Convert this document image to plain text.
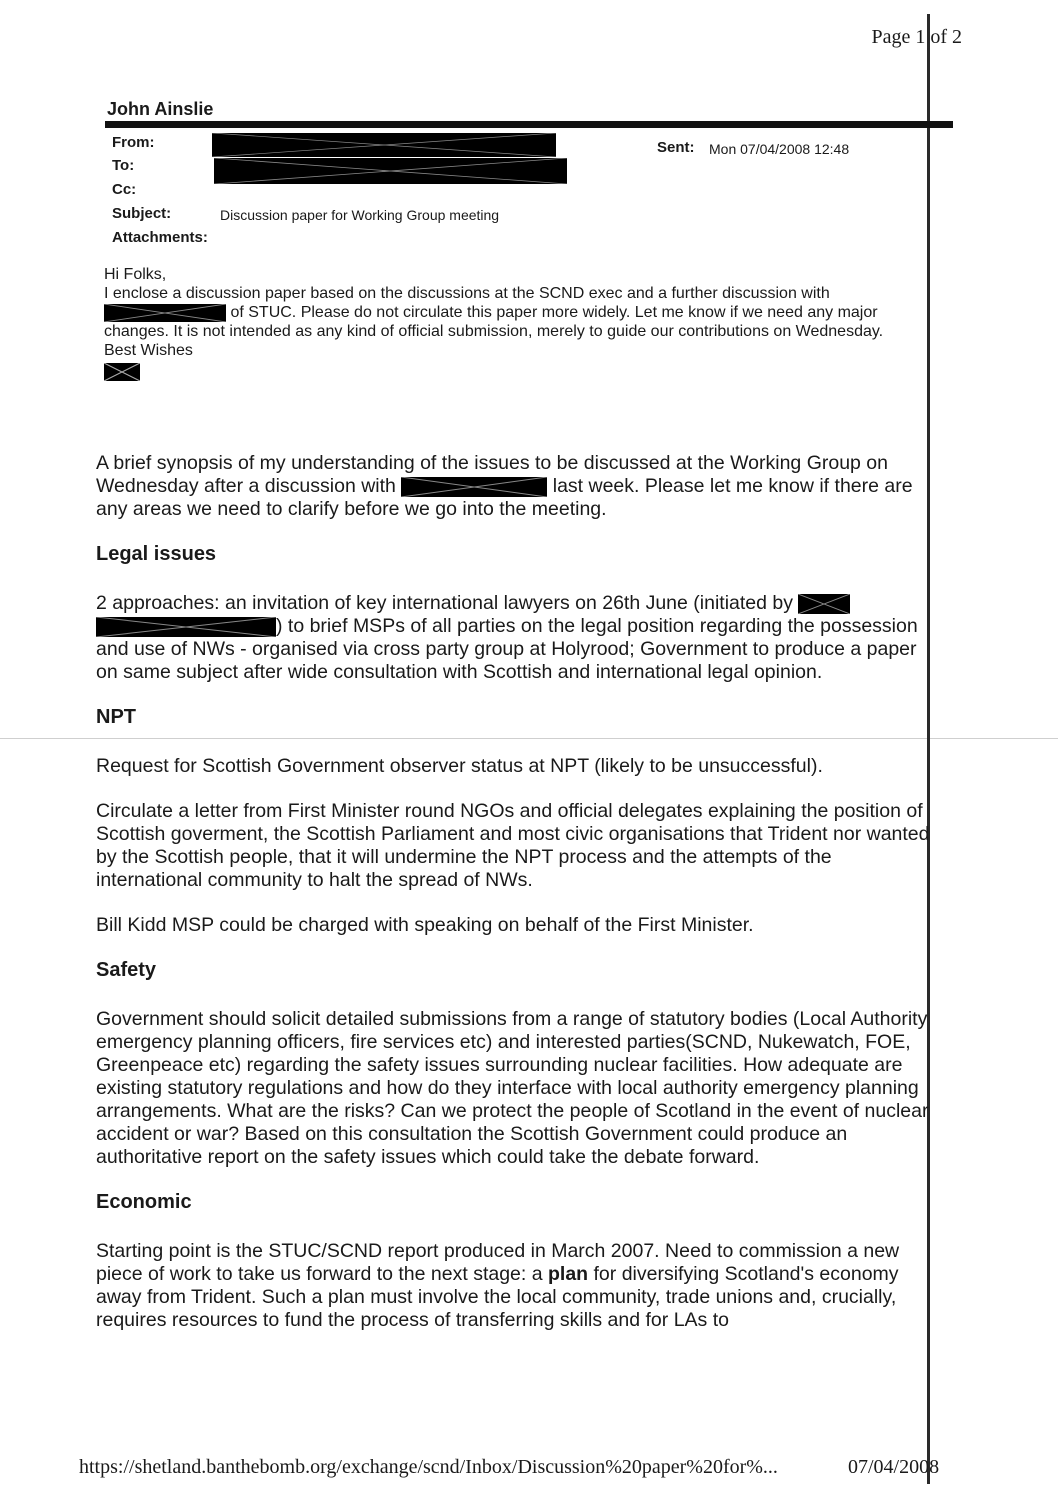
Page 1 of 2
John Ainslie
From:
To:
Cc:
Subject:
Attachments:
Discussion paper for Working Group meeting
Sent: Mon 07/04/2008 12:48

Hi Folks,

I enclose a discussion paper based on the discussions at the SCND exec and a further discussion with
of STUC. Please do not circulate this paper more widely. Let me know if we need any major changes. It is not intended as any kind of official submission, merely to guide our contributions on Wednesday.

Best Wishes

A brief synopsis of my understanding of the issues to be discussed at the Working Group on Wednesday after a discussion with	last week. Please let me know if there are any areas we need to clarify before we go into the meeting.

Legal issues

2 approaches: an invitation of key international lawyers on 26th June (initiated by

) to brief MSPs of all parties on the legal position regarding the possession and use of NWs - organised via cross party group at Holyrood; Government to produce a paper on same subject after wide consultation with Scottish and international legal opinion.

NPT

Request for Scottish Government observer status at NPT (likely to be unsuccessful).

Circulate a letter from First Minister round NGOs and official delegates explaining the position of Scottish goverment, the Scottish Parliament and most civic organisations that Trident nor wanted by the Scottish people, that it will undermine the NPT process and the attempts of the international community to halt the spread of NWs.

Bill Kidd MSP could be charged with speaking on behalf of the First Minister.

Safety

Government should solicit detailed submissions from a range of statutory bodies (Local Authority emergency planning officers, fire services etc) and interested parties(SCND, Nukewatch, FOE, Greenpeace etc) regarding the safety issues surrounding nuclear facilities. How adequate are existing statutory regulations and how do they interface with local authority emergency planning arrangements. What are the risks? Can we protect the people of Scotland in the event of nuclear accident or war? Based on this consultation the Scottish Government could produce an authoritative report on the safety issues which could take the debate forward.

Economic

Starting point is the STUC/SCND report produced in March 2007. Need to commission a new piece of work to take us forward to the next stage: a plan for diversifying Scotland's economy away from Trident. Such a plan must involve the local community, trade unions and, crucially, requires resources to fund the process of transferring skills and for LAs to

https://shetland.banthebomb.org/exchange/scnd/Inbox/Discussion%20paper%20for%...	07/04/2008
